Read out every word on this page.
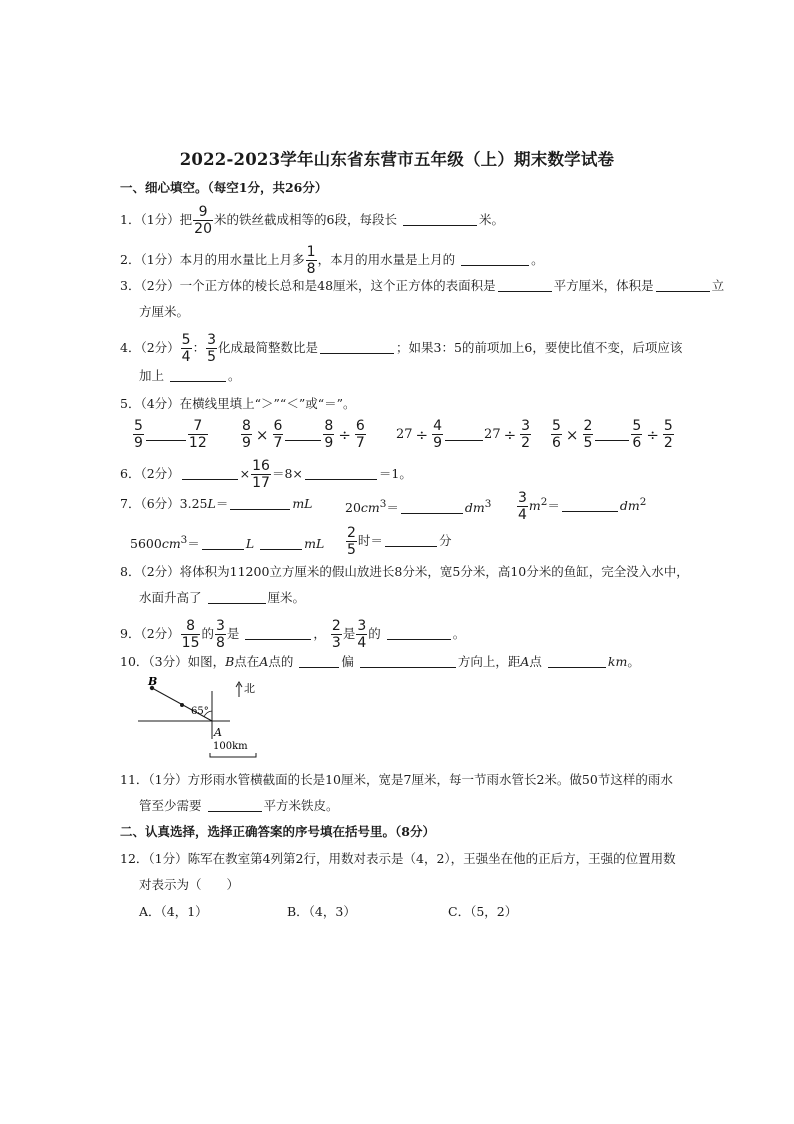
2022-2023学年山东省东营市五年级（上）期末数学试卷
一、细心填空。（每空1分，共26分）
1．（1分）把 $\frac{9}{20}$ 米的铁丝截成相等的6段，每段长	米。
2．（1分）本月的用水量比上月多 $\frac{1}{8}$ ，本月的用水量是上月的	。
3．（2分）一个正方体的棱长总和是48厘米，这个正方体的表面积是	平方厘米，体积是	立
方厘米。
4．（2分） $\frac{5}{4}$ ： $\frac{3}{5}$ 化成最简整数比是	；如果3：5的前项加上6，要使比值不变，后项应该
加上	。
5．（4分）在横线里填上“＞”“＜”或“＝”。
$\frac{5}{9}$	$\frac{7}{12} \frac{8}{9} \times \frac{6}{7}$	$\frac{8}{9} \div \frac{6}{7} 27 \div \frac{4}{9}$	$27 \div \frac{3}{2} \frac{5}{6} \times \frac{2}{5}$	$\frac{5}{6} \div \frac{5}{2}$
6．（2分）	× $\frac{16}{17} =8\times$	＝1。
7．（6分）3.25L＝	mL	$20cm^3=$	$dm^3 \frac{3}{4} m^2=$	$dm^2$
$5600cm^3=$	L	mL $\frac{2}{5}$ 时＝	分
8．（2分）将体积为11200立方厘米的假山放进长8分米，宽5分米，高10分米的鱼缸，完全没入水中，
水面升高了	厘米。
9．（2分） $\frac{8}{15}$ 的 $\frac{3}{8}$ 是	， $\frac{2}{3}$ 是 $\frac{3}{4}$ 的	。
10．（3分）如图，B点在A点的	偏	方向上，距A点	km。
B
65°
A
北
100km
11．（1分）方形雨水管横截面的长是10厘米，宽是7厘米，每一节雨水管长2米。做50节这样的雨水
管至少需要	平方米铁皮。
二、认真选择，选择正确答案的序号填在括号里。（8分）
12．（1分）陈军在教室第4列第2行，用数对表示是（4，2），王强坐在他的正后方，王强的位置用数
对表示为（　　）
A．（4，1）	B．（4，3）	C．（5，2）
